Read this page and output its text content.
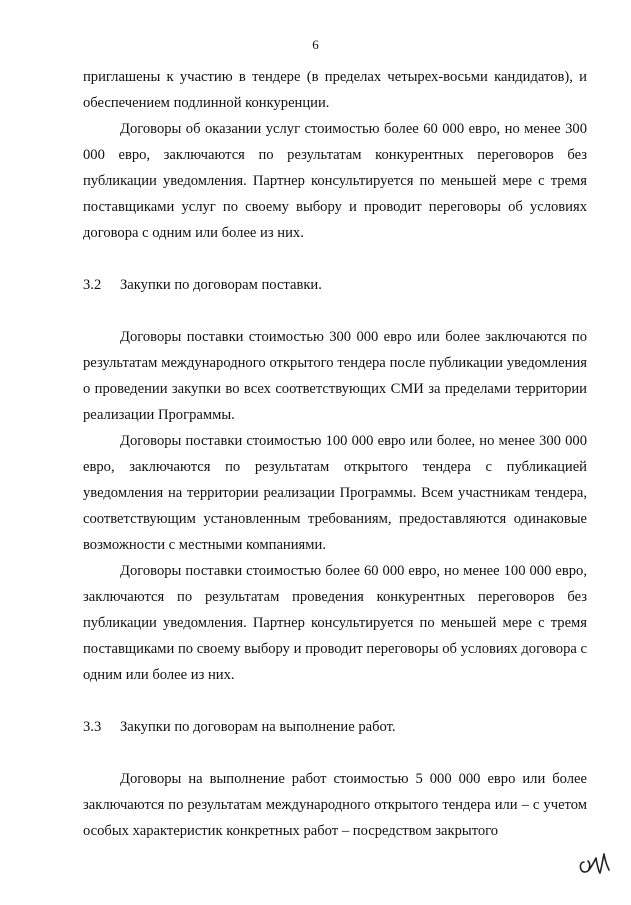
6

приглашены к участию в тендере (в пределах четырех-восьми кандидатов), и обеспечением подлинной конкуренции.

Договоры об оказании услуг стоимостью более 60 000 евро, но менее 300 000 евро, заключаются по результатам конкурентных переговоров без публикации уведомления. Партнер консультируется по меньшей мере с тремя поставщиками услуг по своему выбору и проводит переговоры об условиях договора с одним или более из них.

3.2	Закупки по договорам поставки.

Договоры поставки стоимостью 300 000 евро или более заключаются по результатам международного открытого тендера после публикации уведомления о проведении закупки во всех соответствующих СМИ за пределами территории реализации Программы.

Договоры поставки стоимостью 100 000 евро или более, но менее 300 000 евро, заключаются по результатам открытого тендера с публикацией уведомления на территории реализации Программы. Всем участникам тендера, соответствующим установленным требованиям, предоставляются одинаковые возможности с местными компаниями.

Договоры поставки стоимостью более 60 000 евро, но менее 100 000 евро, заключаются по результатам проведения конкурентных переговоров без публикации уведомления. Партнер консультируется по меньшей мере с тремя поставщиками по своему выбору и проводит переговоры об условиях договора с одним или более из них.

3.3	Закупки по договорам на выполнение работ.

Договоры на выполнение работ стоимостью 5 000 000 евро или более заключаются по результатам международного открытого тендера или – с учетом особых характеристик конкретных работ – посредством закрытого
